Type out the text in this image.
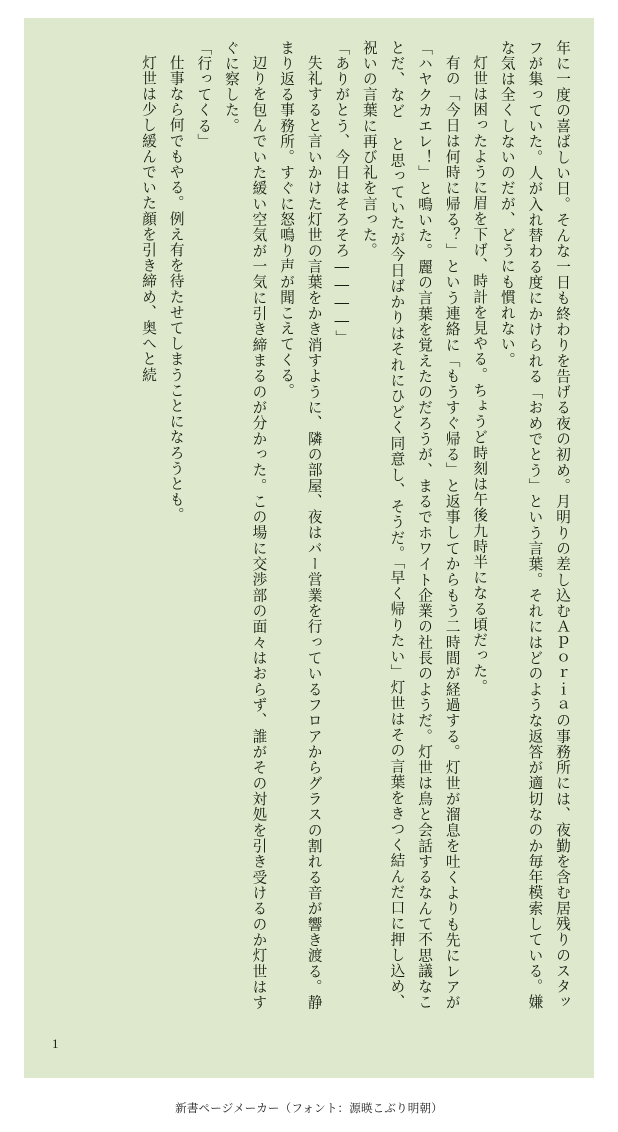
年に一度の喜ばしい日。そんな一日も終わりを告げる夜の初め。月明りの差し込むＡｐｏｒｉａの事務所には、夜勤を含む居残りのスタッフが集っていた。人が入れ替わる度にかけられる「おめでとう」という言葉。それにはどのような返答が適切なのか毎年模索している。嫌な気は全くしないのだが、どうにも慣れない。

灯世は困ったように眉を下げ、時計を見やる。ちょうど時刻は午後九時半になる頃だった。

有の「今日は何時に帰る？」という連絡に「もうすぐ帰る」と返事してからもう二時間が経過する。灯世が溜息を吐くよりも先にレアが「ハヤクカエレ！」と鳴いた。麗の言葉を覚えたのだろうが、まるでホワイト企業の社長のようだ。灯世は鳥と会話するなんて不思議なことだ、など と思っていたが今日ばかりはそれにひどく同意し、そうだ。「早く帰りたい」灯世はその言葉をきつく結んだ口に押し込め、祝いの言葉に再び礼を言った。

「ありがとう、今日はそろそろ――――」

失礼すると言いかけた灯世の言葉をかき消すように、隣の部屋、夜はバー営業を行っているフロアからグラスの割れる音が響き渡る。静まり返る事務所。すぐに怒鳴り声が聞こえてくる。

辺りを包んでいた緩い空気が一気に引き締まるのが分かった。この場に交渉部の面々はおらず、誰がその対処を引き受けるのか灯世はすぐに察した。

「行ってくる」

仕事なら何でもやる。例え有を待たせてしまうことになろうとも。

灯世は少し緩んでいた顔を引き締め、奥へと続

1
新書ページメーカー（フォント：源暎こぶり明朝）
